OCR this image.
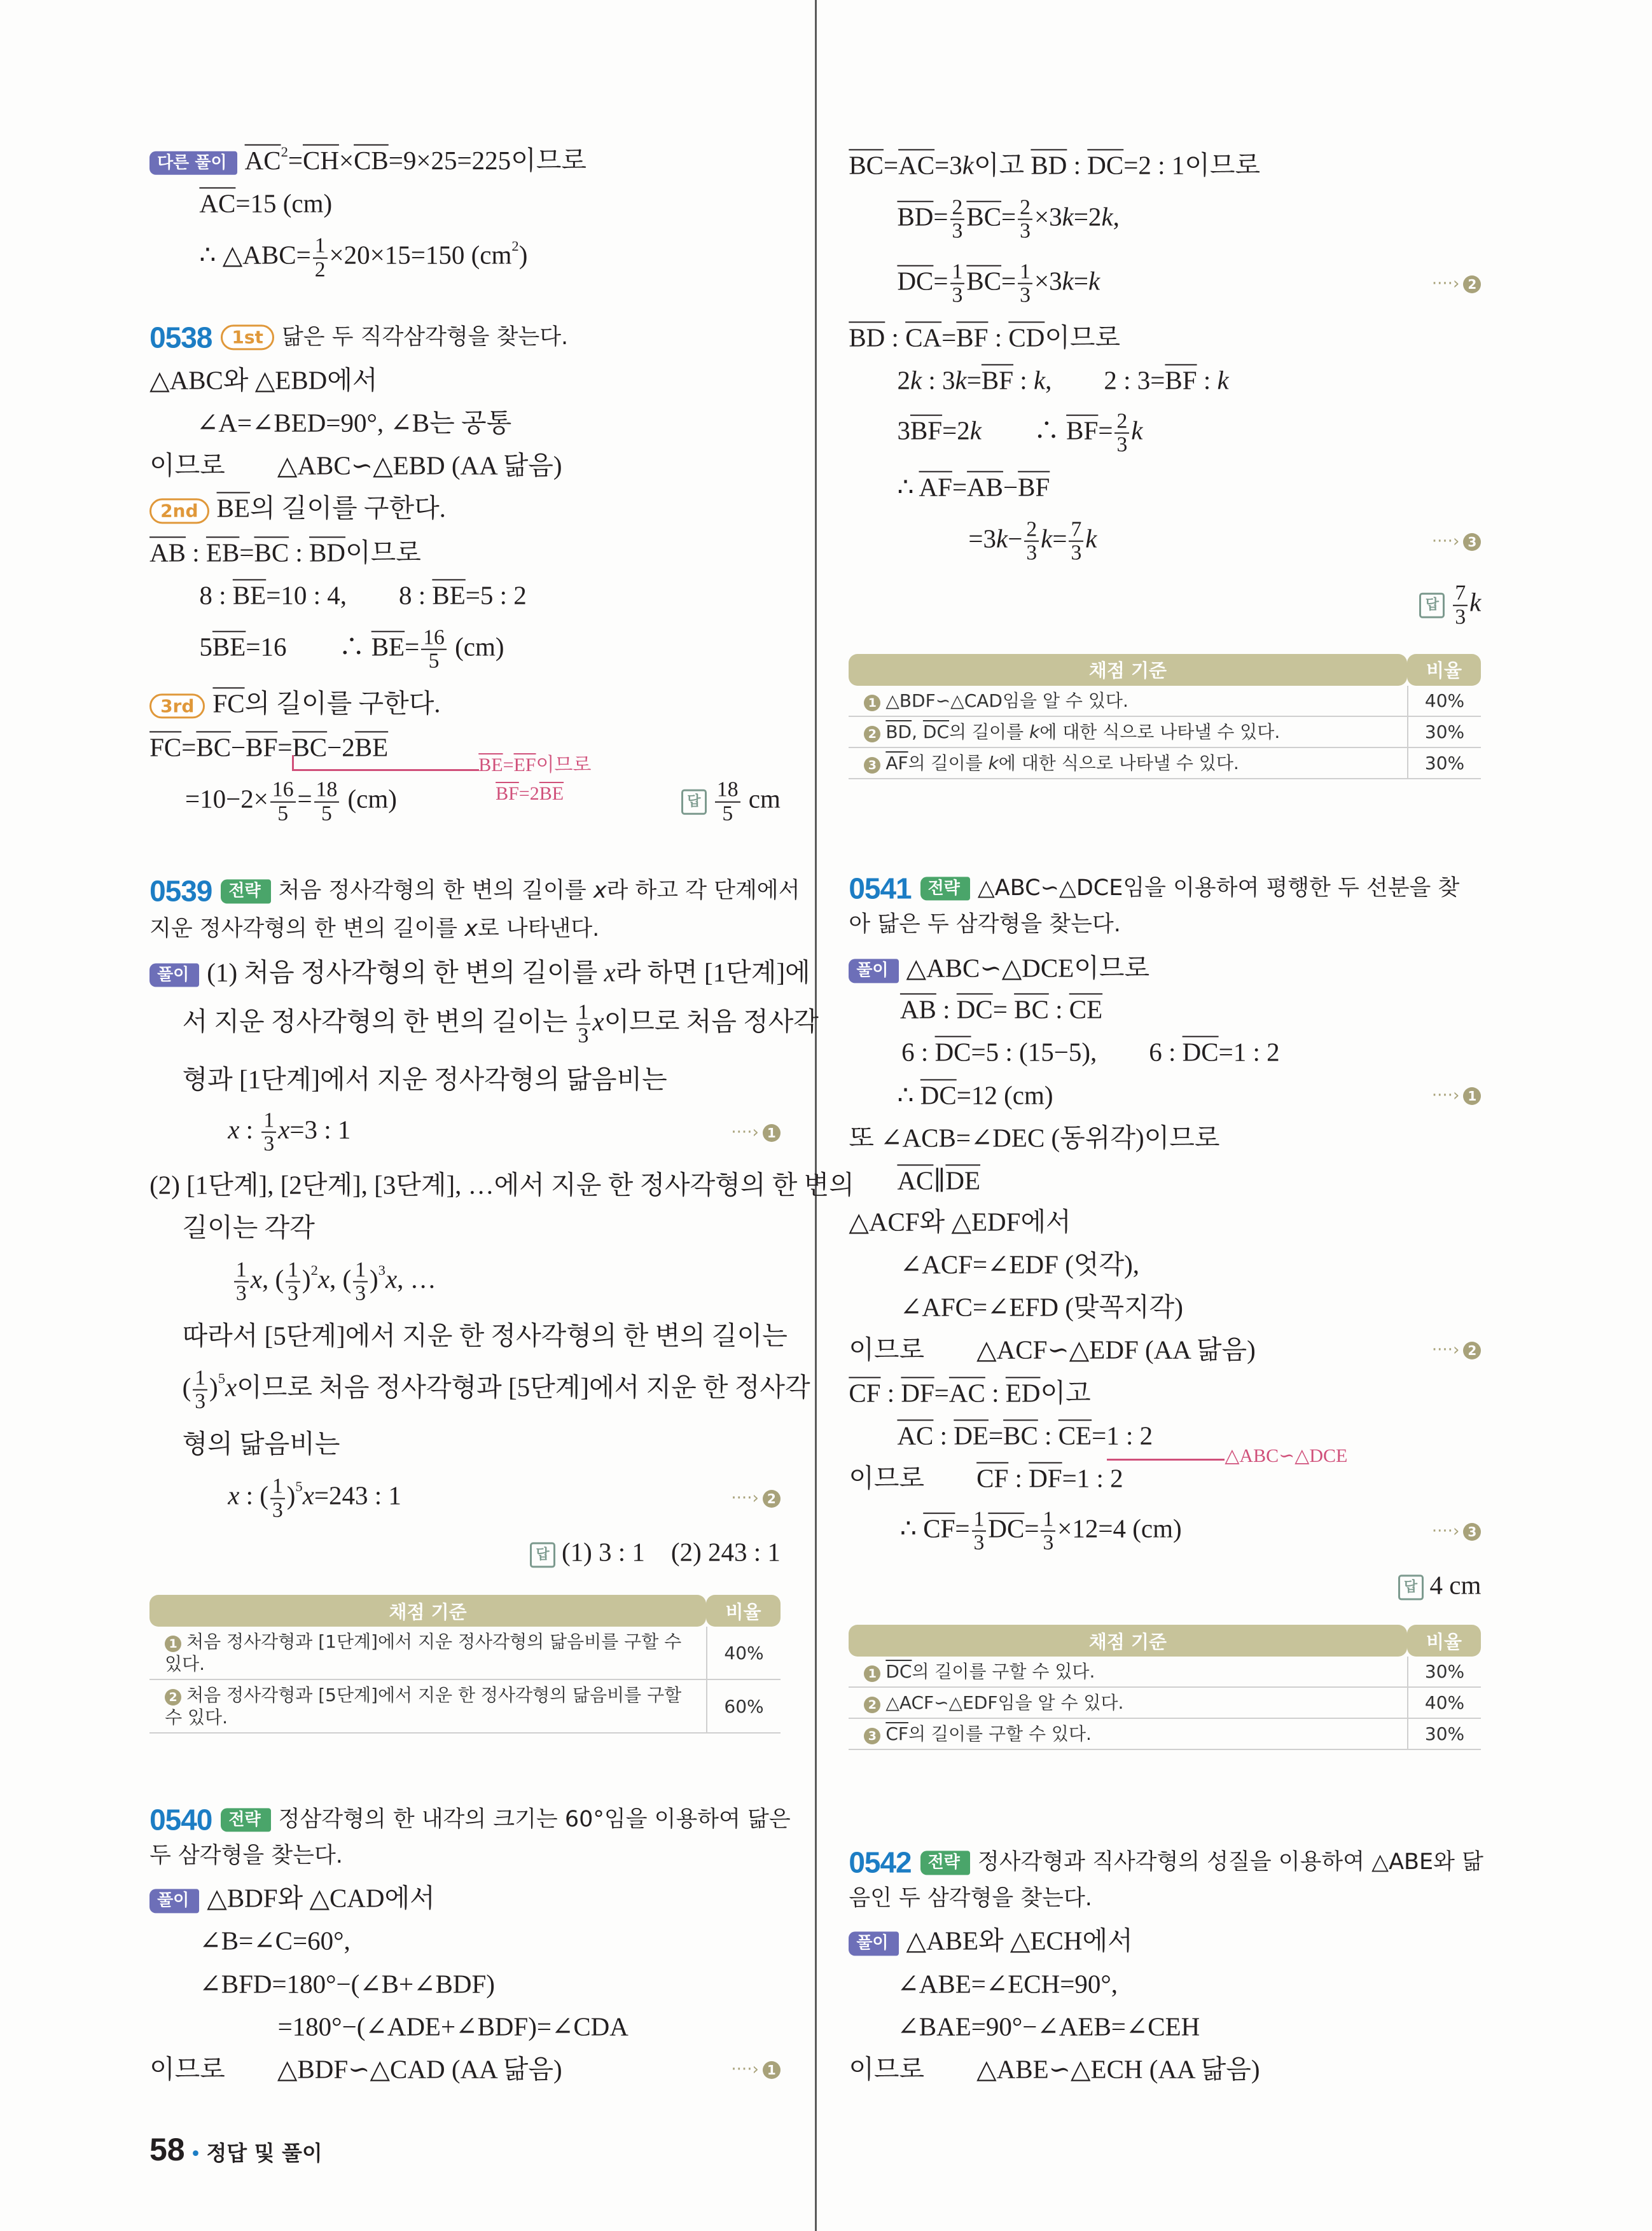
다른 풀이 $\overline{AC}^2=\overline{CH}\times\overline{CB}=9\times 25=225$이므로
$\overline{AC}=15$ (cm)
∴ △ABC= $\frac{1}{2} \times 20\times 15=150$ $(cm^2)$
0538 1st 닮은 두 직각삼각형을 찾는다.
△ABC와 △EBD에서
∠A=∠BED=90°, ∠B는 공통
이므로　　△ABC∽△EBD (AA 닮음)
2nd $\overline{BE}$의 길이를 구한다.
$\overline{AB}$ : $\overline{EB}=\overline{BC}$ : $\overline{BD}$이므로
8 : $\overline{BE}=10$ : 4,　　8 : $\overline{BE}=5$ : 2
$5\overline{BE}=16$　　∴ $\overline{BE}= \frac{16}{5} (cm)$
3rd $\overline{FC}$의 길이를 구한다.
$\overline{FC}=\overline{BC}-\overline{BF}=\overline{BC}-2\overline{BE}$
$=10-2\times \frac{16}{5} = \frac{18}{5} (cm)$
0539 전략 처음 정사각형의 한 변의 길이를 x라 하고 각 단계에서
지운 정사각형의 한 변의 길이를 x로 나타낸다.
풀이 (1) 처음 정사각형의 한 변의 길이를 x라 하면 [1단계]에
서 지운 정사각형의 한 변의 길이는 $\frac{1}{3}$ x이므로 처음 정사각
형과 [1단계]에서 지운 정사각형의 닮음비는
x : $\frac{1}{3} x=3$ : 1	····› 1
(2) [1단계], [2단계], [3단계], …에서 지운 한 정사각형의 한 변의
길이는 각각
$\frac{1}{3} x$, ( $\frac{1}{3} )^2x$, ( $\frac{1}{3} )^3x$, …
따라서 [5단계]에서 지운 한 정사각형의 한 변의 길이는
( $\frac{1}{3} )^5x$이므로 처음 정사각형과 [5단계]에서 지운 한 정사각
형의 닮음비는
x : ( $\frac{1}{3} )^5x=243$ : 1	····› 2
0540 전략 정삼각형의 한 내각의 크기는 60°임을 이용하여 닮은
두 삼각형을 찾는다.
풀이 △BDF와 △CAD에서
∠B=∠C=60°,
∠BFD=180°−(∠B+∠BDF)
=180°−(∠ADE+∠BDF)=∠CDA
이므로　　△BDF∽△CAD (AA 닮음)	····› 1
답 $\frac{18}{5}$ cm
답 (1) 3 : 1　(2) 243 : 1
$\overline{BE}=\overline{EF}$이므로
$\overline{BF}=2\overline{BE}$
$\overline{BC}=\overline{AC}=3k$이고 $\overline{BD}$ : $\overline{DC}=2$ : 1이므로
$\overline{BD}= \frac{2}{3} \overline{BC}= \frac{2}{3} \times 3k=2k$,
$\overline{DC}= \frac{1}{3} \overline{BC}= \frac{1}{3} \times 3k=k$	····› 2
$\overline{BD}$ : $\overline{CA}=\overline{BF}$ : $\overline{CD}$이므로
2k : $3k=\overline{BF}$ : k,　　2 : $3=\overline{BF}$ : k
$3\overline{BF}=2k$　　∴ $\overline{BF}= \frac{2}{3}$ k
∴ $\overline{AF}=\overline{AB}-\overline{BF}$
$=3k- \frac{2}{3} k= \frac{7}{3}$ k	····› 3
0541 전략 △ABC∽△DCE임을 이용하여 평행한 두 선분을 찾
아 닮은 두 삼각형을 찾는다.
풀이 △ABC∽△DCE이므로
$\overline{AB}$ : $\overline{DC}= \overline{BC}$ : $\overline{CE}$
6 : $\overline{DC}=5$ : (15−5),　　6 : $\overline{DC}=1$ : 2
∴ $\overline{DC}=12$ (cm)	····› 1
또 ∠ACB=∠DEC (동위각)이므로
$\overline{AC}\parallel\overline{DE}$
△ACF와 △EDF에서
∠ACF=∠EDF (엇각),
∠AFC=∠EFD (맞꼭지각)
이므로　　△ACF∽△EDF (AA 닮음)	····› 2
$\overline{CF}$ : $\overline{DF}=\overline{AC}$ : $\overline{ED}$이고
$\overline{AC}$ : $\overline{DE}=\overline{BC}$ : $\overline{CE}=1$ : 2
이므로　　$\overline{CF}$ : $\overline{DF}=1$ : 2
∴ $\overline{CF}= \frac{1}{3} \overline{DC}= \frac{1}{3} \times 12=4$ (cm)	····› 3
0542 전략 정사각형과 직사각형의 성질을 이용하여 △ABE와 닮
음인 두 삼각형을 찾는다.
풀이 △ABE와 △ECH에서
∠ABE=∠ECH=90°,
∠BAE=90°−∠AEB=∠CEH
이므로　　△ABE∽△ECH (AA 닮음)
답 $\frac{7}{3}$ k
답 4 cm
△ABC∽△DCE
채점 기준	비율
1 처음 정사각형과 [1단계]에서 지운 정사각형의 닮음비를 구할 수 있다.	40%
2 처음 정사각형과 [5단계]에서 지운 한 정사각형의 닮음비를 구할 수 있다.	60%
채점 기준	비율
1 △BDF∽△CAD임을 알 수 있다.	40%
2 $\overline{BD}$, $\overline{DC}$의 길이를 k에 대한 식으로 나타낼 수 있다.	30%
3 $\overline{AF}$의 길이를 k에 대한 식으로 나타낼 수 있다.	30%
채점 기준	비율
1 $\overline{DC}$의 길이를 구할 수 있다.	30%
2 △ACF∽△EDF임을 알 수 있다.	40%
3 $\overline{CF}$의 길이를 구할 수 있다.	30%
58 • 정답 및 풀이
